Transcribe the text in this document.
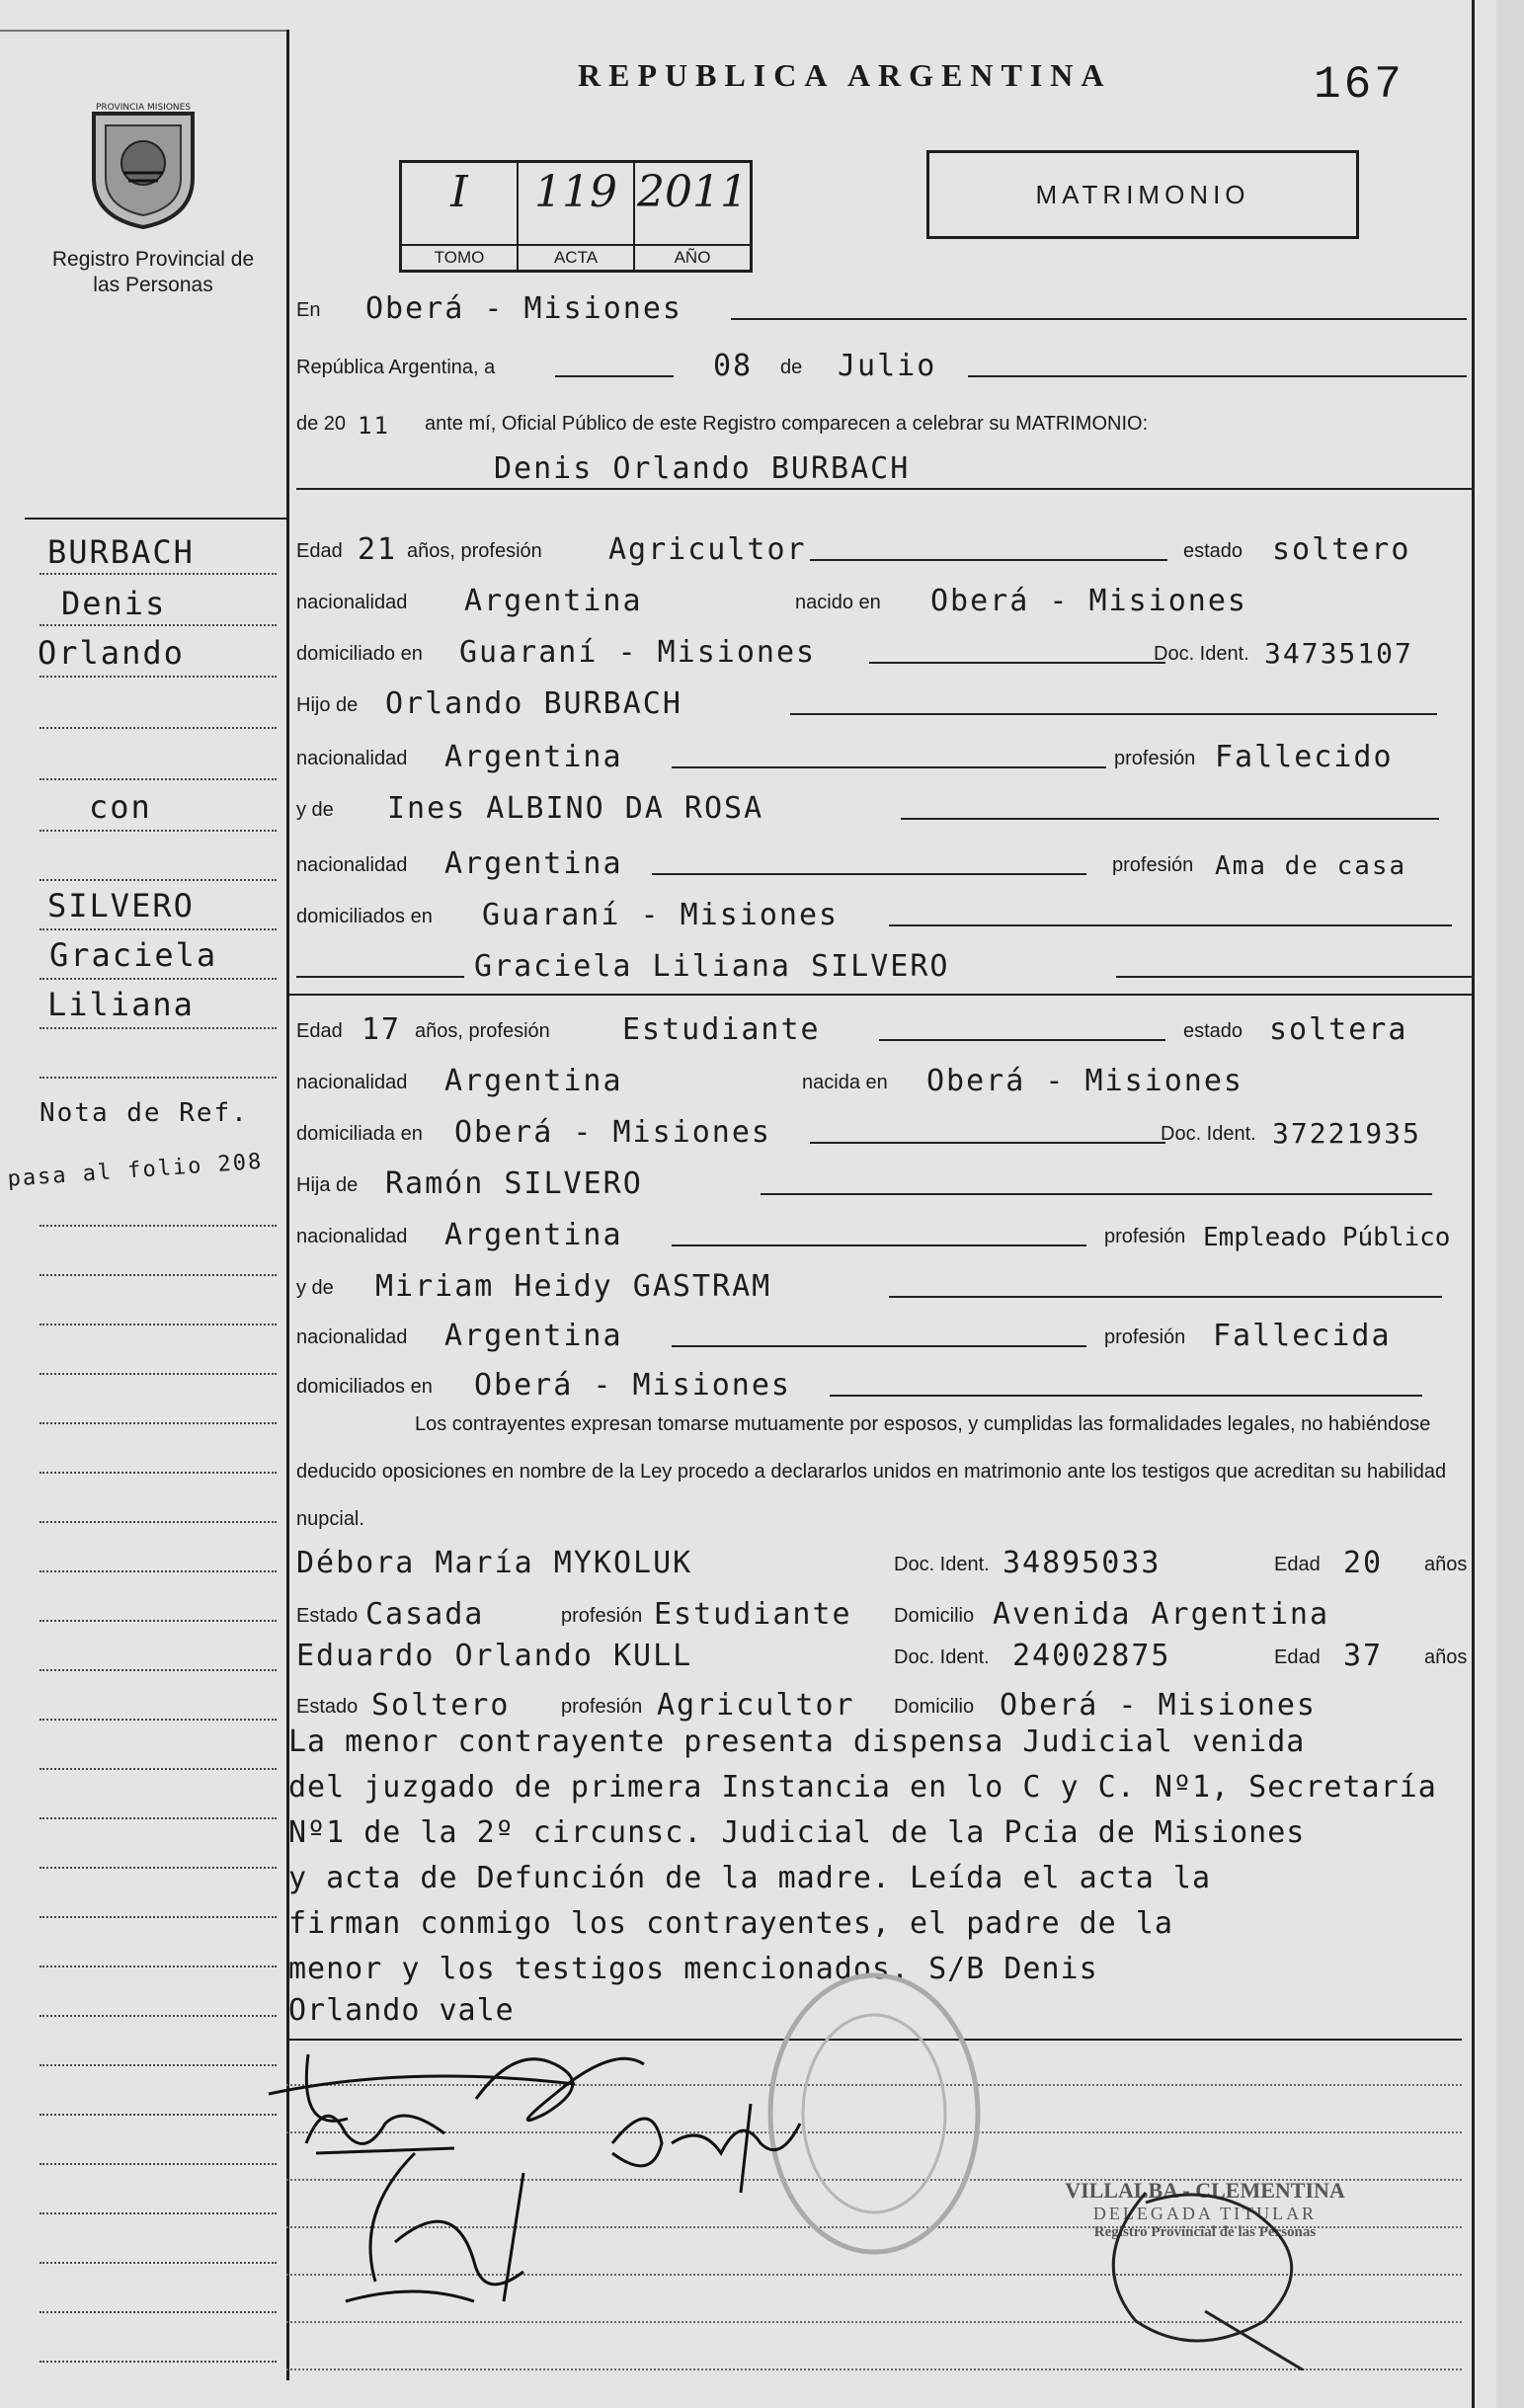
REPUBLICA ARGENTINA	167
I
TOMO
119
ACTA
2011
AÑO
MATRIMONIO
PROVINCIA MISIONES
Registro Provincial de las Personas
En Oberá - Misiones
República Argentina, a	08 de Julio
de 20 11 ante mí, Oficial Público de este Registro comparecen a celebrar su MATRIMONIO:
Denis Orlando BURBACH
Edad 21 años, profesión Agricultor	estado soltero
nacionalidad Argentina	nacido en Oberá - Misiones
domiciliado en Guaraní - Misiones	Doc. Ident. 34735107
Hijo de Orlando BURBACH
nacionalidad Argentina	profesión Fallecido
y de Ines ALBINO DA ROSA
nacionalidad Argentina	profesión Ama de casa
domiciliados en Guaraní - Misiones
Graciela Liliana SILVERO
Edad 17 años, profesión Estudiante	estado soltera
nacionalidad Argentina	nacida en Oberá - Misiones
domiciliada en Oberá - Misiones	Doc. Ident. 37221935
Hija de Ramón SILVERO
nacionalidad Argentina	profesión Empleado Público
y de Miriam Heidy GASTRAM
nacionalidad Argentina	profesión Fallecida
domiciliados en Oberá - Misiones
Los contrayentes expresan tomarse mutuamente por esposos, y cumplidas las formalidades legales, no habiéndose deducido oposiciones en nombre de la Ley procedo a declararlos unidos en matrimonio ante los testigos que acreditan su habilidad nupcial.
Débora María MYKOLUK	Doc. Ident. 34895033	Edad 20 años
Estado Casada	profesión Estudiante Domicilio Avenida Argentina
Eduardo Orlando KULL	Doc. Ident. 24002875	Edad 37 años
Estado Soltero	profesión Agricultor Domicilio Oberá - Misiones
La menor contrayente presenta dispensa Judicial venida
del juzgado de primera Instancia en lo C y C. Nº1, Secretaría
Nº1 de la 2º circunsc. Judicial de la Pcia de Misiones
y acta de Defunción de la madre. Leída el acta la
firman conmigo los contrayentes, el padre de la
menor y los testigos mencionados. S/B Denis
Orlando vale
BURBACH
Denis
Orlando
con
SILVERO
Graciela
Liliana
Nota de Ref.
pasa al folio 208
VILLALBA - CLEMENTINA
DELEGADA TITULAR
Registro Provincial de las Personas
